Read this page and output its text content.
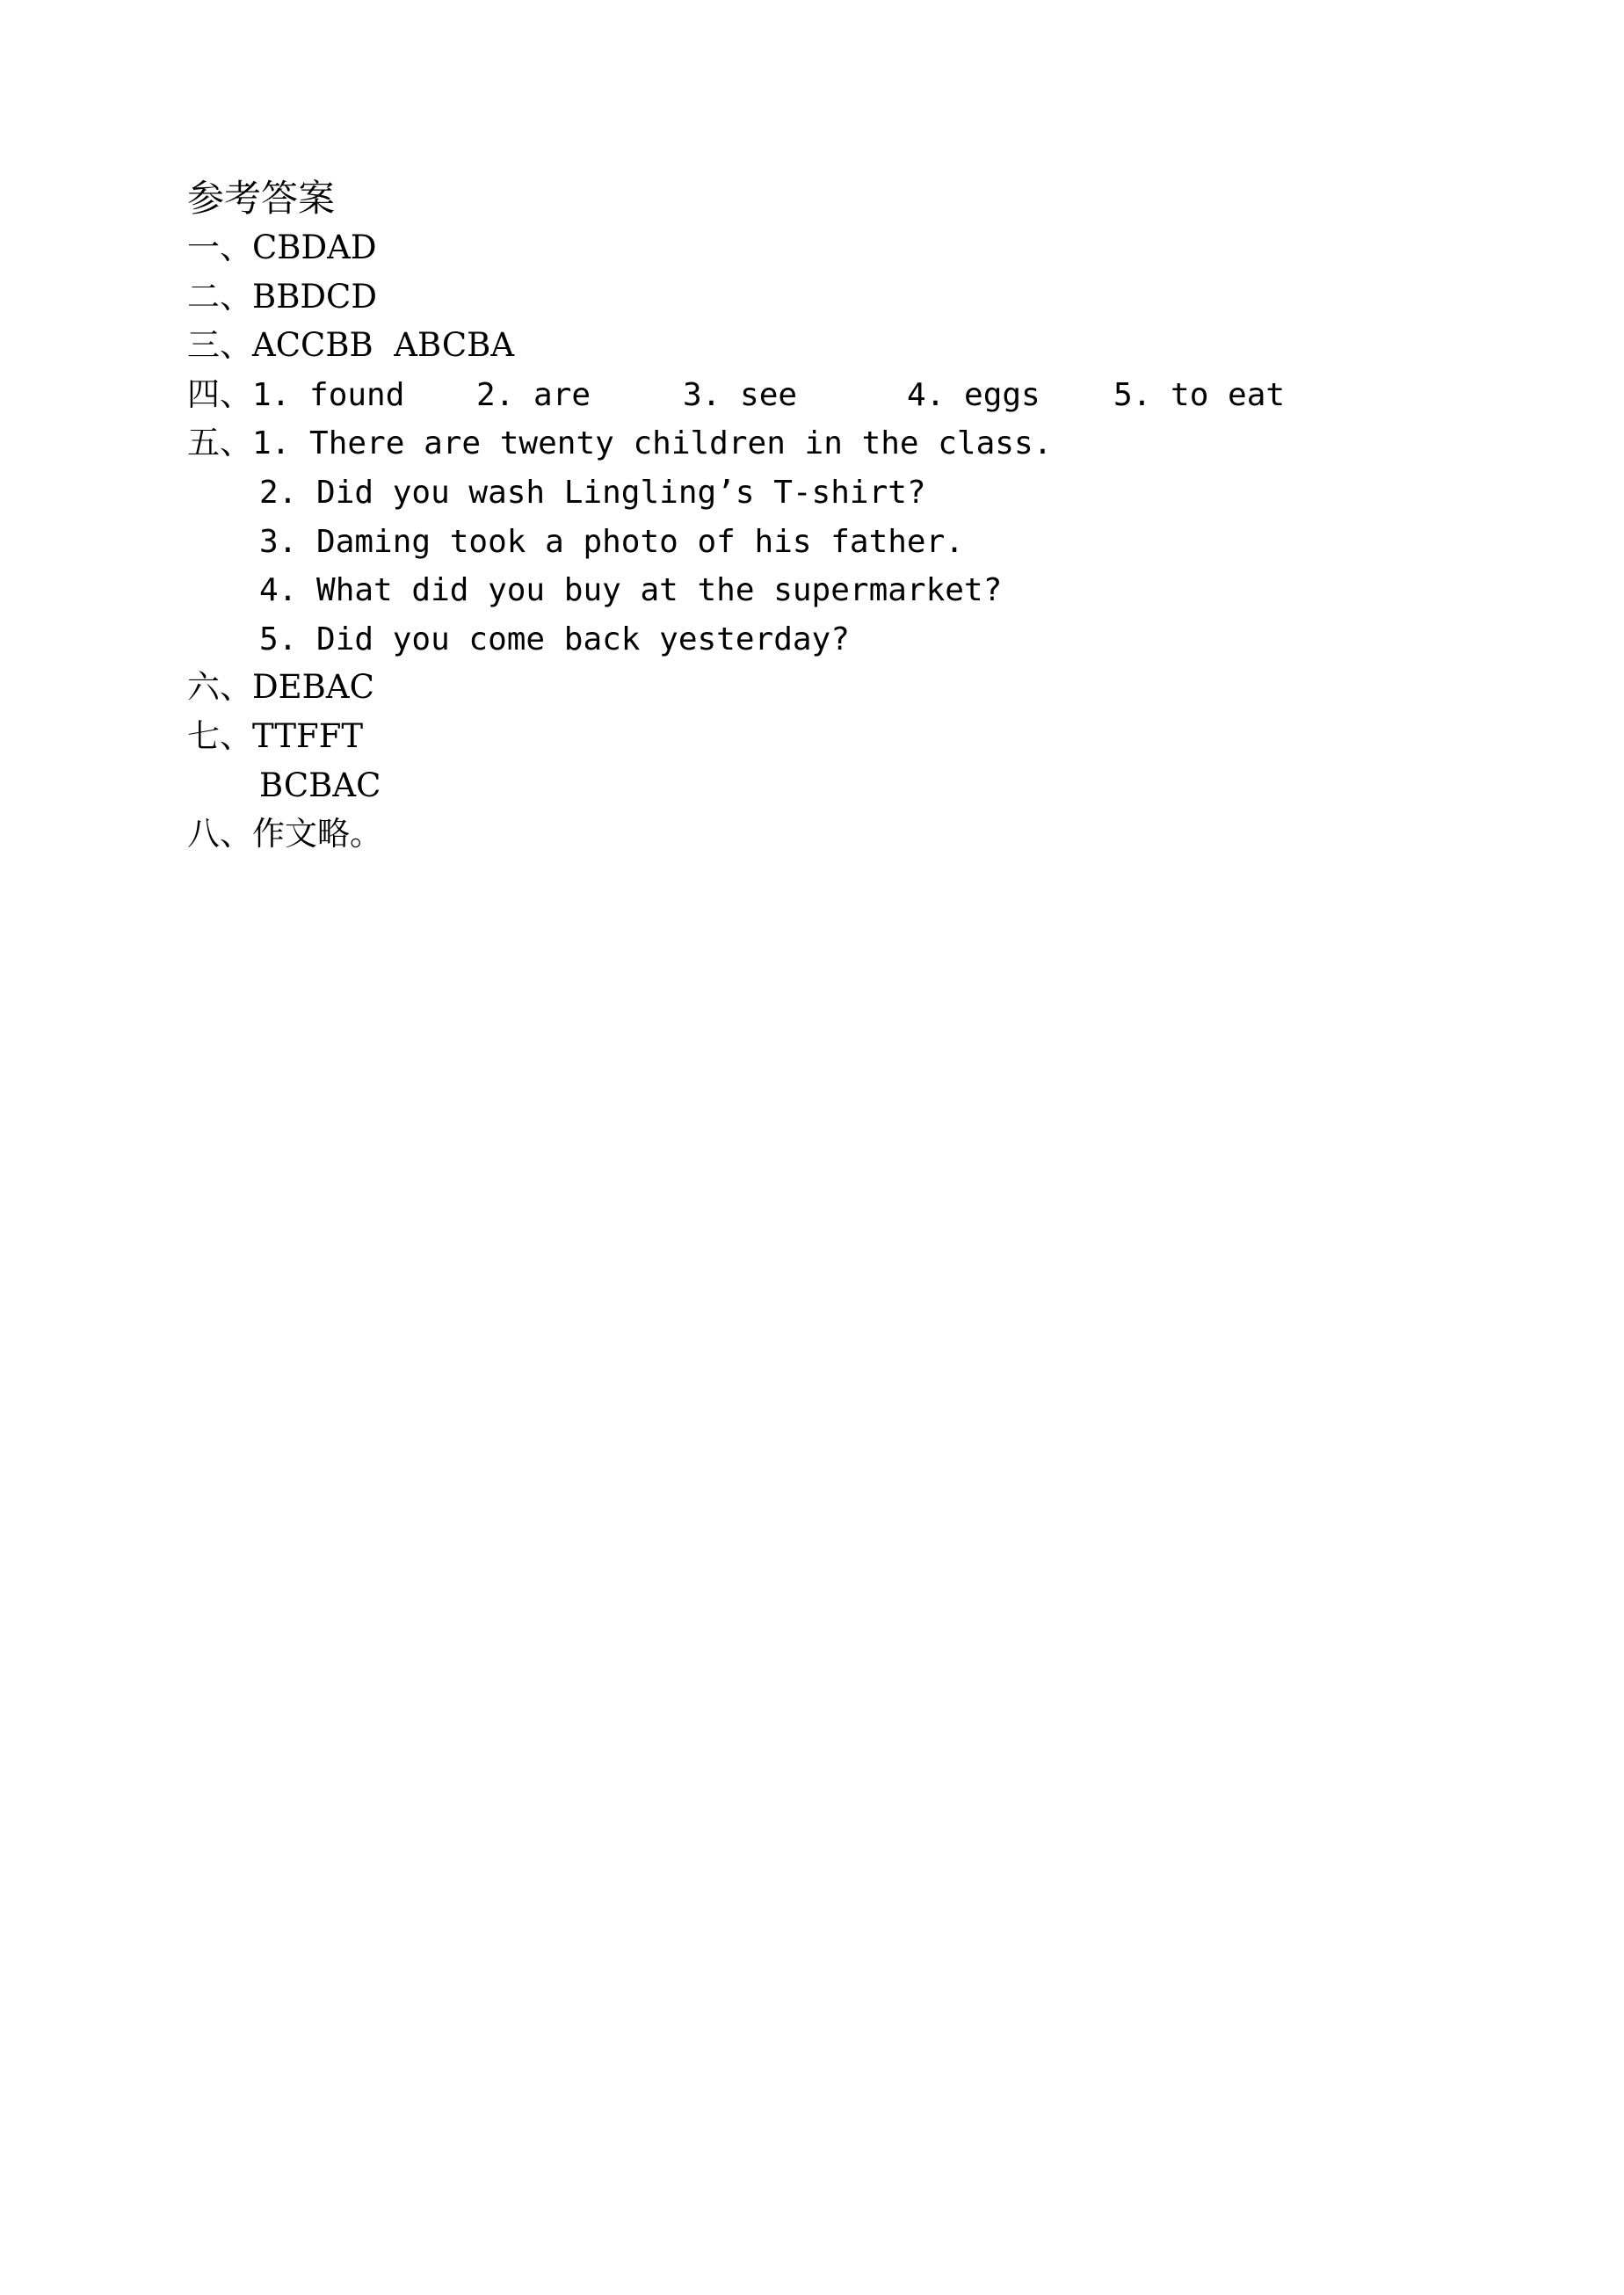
参考答案
一、CBDAD
二、BBDCD
三、ACCBB  ABCBA
四、1. found 2. are	3. see	4. eggs 5. to eat
五、1. There are twenty children in the class.
2. Did you wash Lingling’s T-shirt?
3. Daming took a photo of his father.
4. What did you buy at the supermarket?
5. Did you come back yesterday?
六、DEBAC
七、TTFFT
BCBAC
八、作文略。
